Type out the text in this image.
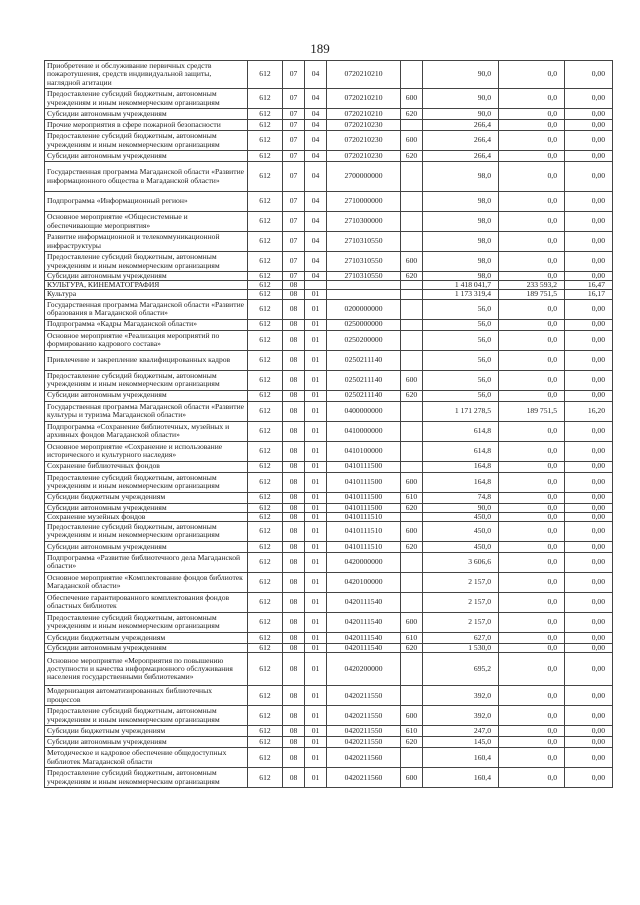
189
Приобретение и обслуживание первичных средств пожаротушения, средств индивидуальной защиты, наглядной агитации	612	07	04	0720210210		90,0	0,0	0,00
Предоставление субсидий бюджетным, автономным учреждениям и иным некоммерческим организациям	612	07	04	0720210210	600	90,0	0,0	0,00
Субсидии автономным учреждениям	612	07	04	0720210210	620	90,0	0,0	0,00
Прочие мероприятия в сфере пожарной безопасности	612	07	04	0720210230		266,4	0,0	0,00
Предоставление субсидий бюджетным, автономным учреждениям и иным некоммерческим организациям	612	07	04	0720210230	600	266,4	0,0	0,00
Субсидии автономным учреждениям	612	07	04	0720210230	620	266,4	0,0	0,00
Государственная программа Магаданской области «Развитие информационного общества в Магаданской области»	612	07	04	2700000000		98,0	0,0	0,00
Подпрограмма «Информационный регион»	612	07	04	2710000000		98,0	0,0	0,00
Основное мероприятие «Общесистемные и обеспечивающие мероприятия»	612	07	04	2710300000		98,0	0,0	0,00
Развитие информационной и телекоммуникационной инфраструктуры	612	07	04	2710310550		98,0	0,0	0,00
Предоставление субсидий бюджетным, автономным учреждениям и иным некоммерческим организациям	612	07	04	2710310550	600	98,0	0,0	0,00
Субсидии автономным учреждениям	612	07	04	2710310550	620	98,0	0,0	0,00
КУЛЬТУРА, КИНЕМАТОГРАФИЯ	612	08				1 418 041,7	233 593,2	16,47
Культура	612	08	01			1 173 319,4	189 751,5	16,17
Государственная программа Магаданской области «Развитие образования в Магаданской области»	612	08	01	0200000000		56,0	0,0	0,00
Подпрограмма «Кадры Магаданской области»	612	08	01	0250000000		56,0	0,0	0,00
Основное мероприятие «Реализация мероприятий по формированию кадрового состава»	612	08	01	0250200000		56,0	0,0	0,00
Привлечение и закрепление квалифицированных кадров	612	08	01	0250211140		56,0	0,0	0,00
Предоставление субсидий бюджетным, автономным учреждениям и иным некоммерческим организациям	612	08	01	0250211140	600	56,0	0,0	0,00
Субсидии автономным учреждениям	612	08	01	0250211140	620	56,0	0,0	0,00
Государственная программа Магаданской области «Развитие культуры и туризма Магаданской области»	612	08	01	0400000000		1 171 278,5	189 751,5	16,20
Подпрограмма «Сохранение библиотечных, музейных и архивных фондов Магаданской области»	612	08	01	0410000000		614,8	0,0	0,00
Основное мероприятие «Сохранение и использование исторического и культурного наследия»	612	08	01	0410100000		614,8	0,0	0,00
Сохранение библиотечных фондов	612	08	01	0410111500		164,8	0,0	0,00
Предоставление субсидий бюджетным, автономным учреждениям и иным некоммерческим организациям	612	08	01	0410111500	600	164,8	0,0	0,00
Субсидии бюджетным учреждениям	612	08	01	0410111500	610	74,8	0,0	0,00
Субсидии автономным учреждениям	612	08	01	0410111500	620	90,0	0,0	0,00
Сохранение музейных фондов	612	08	01	0410111510		450,0	0,0	0,00
Предоставление субсидий бюджетным, автономным учреждениям и иным некоммерческим организациям	612	08	01	0410111510	600	450,0	0,0	0,00
Субсидии автономным учреждениям	612	08	01	0410111510	620	450,0	0,0	0,00
Подпрограмма «Развитие библиотечного дела Магаданской области»	612	08	01	0420000000		3 606,6	0,0	0,00
Основное мероприятие «Комплектование фондов библиотек Магаданской области»	612	08	01	0420100000		2 157,0	0,0	0,00
Обеспечение гарантированного комплектования фондов областных библиотек	612	08	01	0420111540		2 157,0	0,0	0,00
Предоставление субсидий бюджетным, автономным учреждениям и иным некоммерческим организациям	612	08	01	0420111540	600	2 157,0	0,0	0,00
Субсидии бюджетным учреждениям	612	08	01	0420111540	610	627,0	0,0	0,00
Субсидии автономным учреждениям	612	08	01	0420111540	620	1 530,0	0,0	0,00
Основное мероприятие «Мероприятия по повышению доступности и качества информационного обслуживания населения государственными библиотеками»	612	08	01	0420200000		695,2	0,0	0,00
Модернизация автоматизированных библиотечных процессов	612	08	01	0420211550		392,0	0,0	0,00
Предоставление субсидий бюджетным, автономным учреждениям и иным некоммерческим организациям	612	08	01	0420211550	600	392,0	0,0	0,00
Субсидии бюджетным учреждениям	612	08	01	0420211550	610	247,0	0,0	0,00
Субсидии автономным учреждениям	612	08	01	0420211550	620	145,0	0,0	0,00
Методическое и кадровое обеспечение общедоступных библиотек Магаданской области	612	08	01	0420211560		160,4	0,0	0,00
Предоставление субсидий бюджетным, автономным учреждениям и иным некоммерческим организациям	612	08	01	0420211560	600	160,4	0,0	0,00
